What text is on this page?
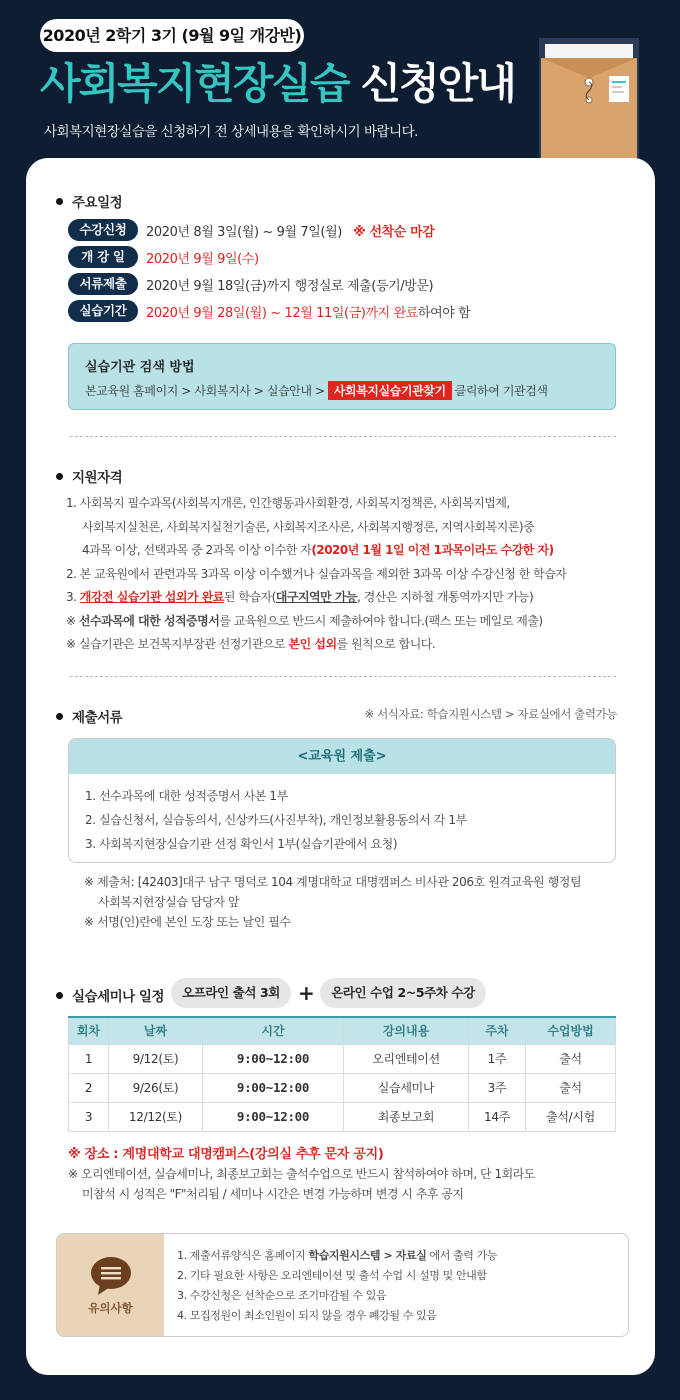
2020년 2학기 3기 (9월 9일 개강반)
사회복지현장실습 신청안내
사회복지현장실습을 신청하기 전 상세내용을 확인하시기 바랍니다.
주요일정
수강신청 2020년 8월 3일(월) ~ 9월 7일(월) ※ 선착순 마감
개 강 일 2020년 9월 9일(수)
서류제출 2020년 9월 18일(금)까지 행정실로 제출(등기/방문)
실습기간 2020년 9월 28일(월) ~ 12월 11일(금)까지 완료하여야 함
실습기관 검색 방법
본교육원 홈페이지 > 사회복지사 > 실습안내 > 사회복지실습기관찾기 클릭하여 기관검색
지원자격
1. 사회복지 필수과목(사회복지개론, 인간행동과사회환경, 사회복지정책론, 사회복지법제,
사회복지실천론, 사회복지실천기술론, 사회복지조사론, 사회복지행정론, 지역사회복지론)중
4과목 이상, 선택과목 중 2과목 이상 이수한 자(2020년 1월 1일 이전 1과목이라도 수강한 자)
2. 본 교육원에서 관련과목 3과목 이상 이수했거나 실습과목을 제외한 3과목 이상 수강신청 한 학습자
3. 개강전 실습기관 섭외가 완료된 학습자(대구지역만 가능, 경산은 지하철 개통역까지만 가능)
※ 선수과목에 대한 성적증명서를 교육원으로 반드시 제출하여야 합니다.(팩스 또는 메일로 제출)
※ 실습기관은 보건복지부장관 선정기관으로 본인 섭외를 원칙으로 합니다.
제출서류	※ 서식자료: 학습지원시스템 > 자료실에서 출력가능
<교육원 제출>
1. 선수과목에 대한 성적증명서 사본 1부
2. 실습신청서, 실습동의서, 신상카드(사진부착), 개인정보활용동의서 각 1부
3. 사회복지현장실습기관 선정 확인서 1부(실습기관에서 요청)
※ 제출처: [42403]대구 남구 명덕로 104 계명대학교 대명캠퍼스 비사관 206호 원격교육원 행정팀
사회복지현장실습 담당자 앞
※ 서명(인)란에 본인 도장 또는 날인 필수
실습세미나 일정	오프라인 출석 3회 +	온라인 수업 2~5주차 수강
회차	날짜	시간	강의내용	주차	수업방법
1	9/12(토)	9:00~12:00	오리엔테이션	1주	출석
2	9/26(토)	9:00~12:00	실습세미나	3주	출석
3	12/12(토)	9:00~12:00	최종보고회	14주	출석/시험
※ 장소 : 계명대학교 대명캠퍼스(강의실 추후 문자 공지)
※ 오리엔테이션, 실습세미나, 최종보고회는 출석수업으로 반드시 참석하여야 하며, 단 1회라도
미참석 시 성적은 "F"처리됨 / 세미나 시간은 변경 가능하며 변경 시 추후 공지
유의사항
1. 제출서류양식은 홈페이지 학습지원시스템 > 자료실 에서 출력 가능
2. 기타 필요한 사항은 오리엔테이션 및 출석 수업 시 설명 및 안내함
3. 수강신청은 선착순으로 조기마감될 수 있음
4. 모집정원이 최소인원이 되지 않을 경우 폐강될 수 있음
